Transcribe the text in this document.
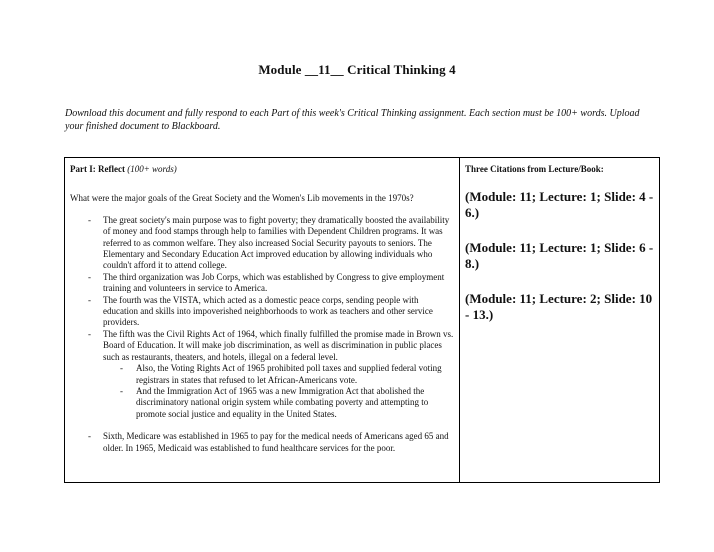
Module __11__ Critical Thinking 4
Download this document and fully respond to each Part of this week's Critical Thinking assignment. Each section must be 100+ words. Upload your finished document to Blackboard.
Part I: Reflect (100+ words)
What were the major goals of the Great Society and the Women's Lib movements in the 1970s?
- The great society's main purpose was to fight poverty; they dramatically boosted the availability of money and food stamps through help to families with Dependent Children programs. It was referred to as common welfare. They also increased Social Security payouts to seniors. The Elementary and Secondary Education Act improved education by allowing individuals who couldn't afford it to attend college.
- The third organization was Job Corps, which was established by Congress to give employment training and volunteers in service to America.
- The fourth was the VISTA, which acted as a domestic peace corps, sending people with education and skills into impoverished neighborhoods to work as teachers and other service providers.
- The fifth was the Civil Rights Act of 1964, which finally fulfilled the promise made in Brown vs. Board of Education. It will make job discrimination, as well as discrimination in public places such as restaurants, theaters, and hotels, illegal on a federal level.
- Also, the Voting Rights Act of 1965 prohibited poll taxes and supplied federal voting registrars in states that refused to let African-Americans vote.
- And the Immigration Act of 1965 was a new Immigration Act that abolished the discriminatory national origin system while combating poverty and attempting to promote social justice and equality in the United States.
- Sixth, Medicare was established in 1965 to pay for the medical needs of Americans aged 65 and older. In 1965, Medicaid was established to fund healthcare services for the poor.
Three Citations from Lecture/Book:
(Module: 11; Lecture: 1; Slide: 4 - 6.)
(Module: 11; Lecture: 1; Slide: 6 - 8.)
(Module: 11; Lecture: 2; Slide: 10 - 13.)
